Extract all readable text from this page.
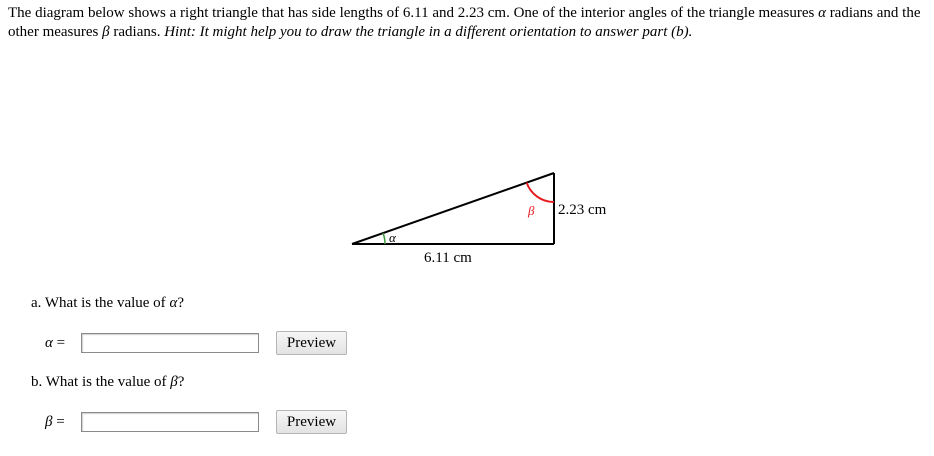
The diagram below shows a right triangle that has side lengths of 6.11 and 2.23 cm. One of the interior angles of the triangle measures α radians and the other measures β radians. Hint: It might help you to draw the triangle in a different orientation to answer part (b).

α
β
6.11 cm
2.23 cm

a. What is the value of α?

α =	Preview

b. What is the value of β?

β =	Preview
